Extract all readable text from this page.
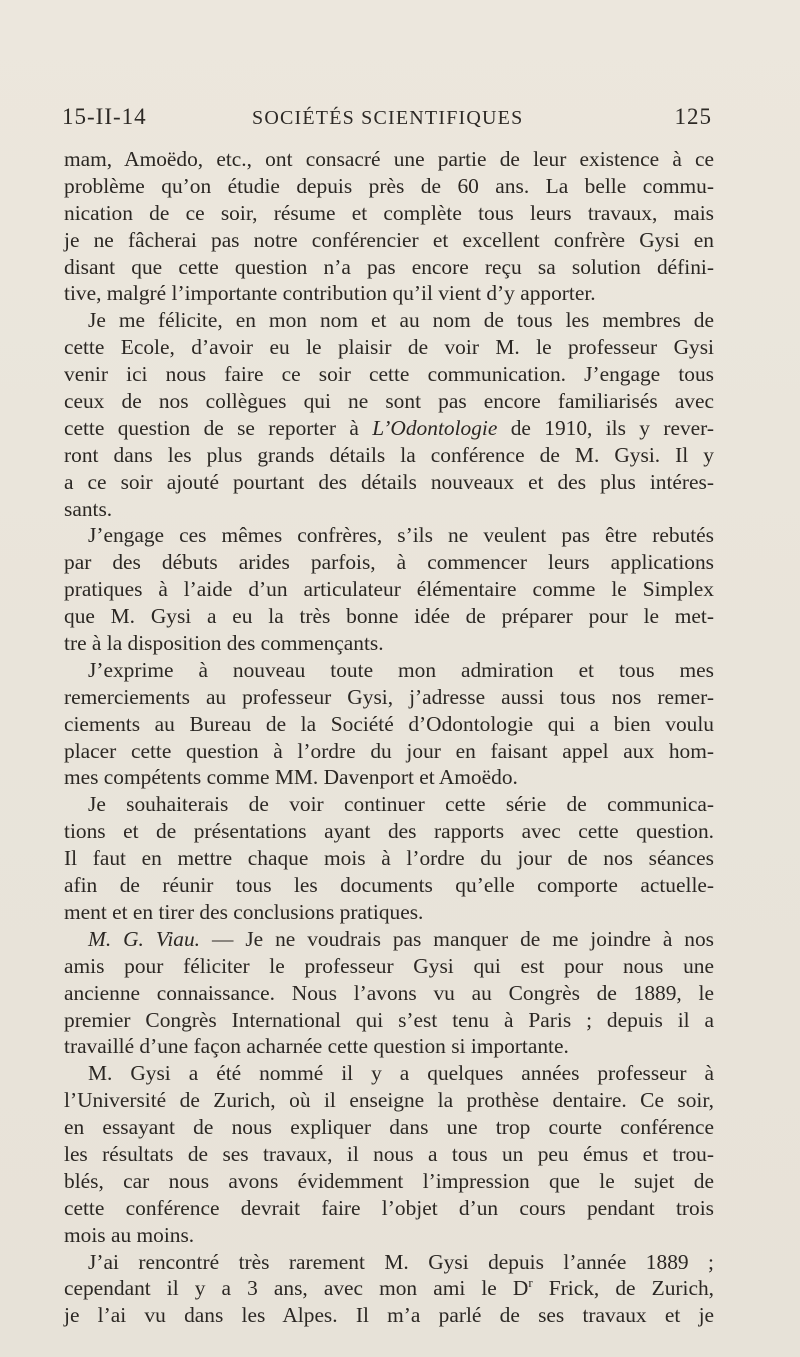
15-II-14	SOCIÉTÉS SCIENTIFIQUES	125
mam, Amoëdo, etc., ont consacré une partie de leur existence à ce
problème qu’on étudie depuis près de 60 ans. La belle commu-
nication de ce soir, résume et complète tous leurs travaux, mais
je ne fâcherai pas notre conférencier et excellent confrère Gysi en
disant que cette question n’a pas encore reçu sa solution défini-
tive, malgré l’importante contribution qu’il vient d’y apporter.
Je me félicite, en mon nom et au nom de tous les membres de
cette Ecole, d’avoir eu le plaisir de voir M. le professeur Gysi
venir ici nous faire ce soir cette communication. J’engage tous
ceux de nos collègues qui ne sont pas encore familiarisés avec
cette question de se reporter à L’Odontologie de 1910, ils y rever-
ront dans les plus grands détails la conférence de M. Gysi. Il y
a ce soir ajouté pourtant des détails nouveaux et des plus intéres-
sants.
J’engage ces mêmes confrères, s’ils ne veulent pas être rebutés
par des débuts arides parfois, à commencer leurs applications
pratiques à l’aide d’un articulateur élémentaire comme le Simplex
que M. Gysi a eu la très bonne idée de préparer pour le met-
tre à la disposition des commençants.
J’exprime à nouveau toute mon admiration et tous mes
remerciements au professeur Gysi, j’adresse aussi tous nos remer-
ciements au Bureau de la Société d’Odontologie qui a bien voulu
placer cette question à l’ordre du jour en faisant appel aux hom-
mes compétents comme MM. Davenport et Amoëdo.
Je souhaiterais de voir continuer cette série de communica-
tions et de présentations ayant des rapports avec cette question.
Il faut en mettre chaque mois à l’ordre du jour de nos séances
afin de réunir tous les documents qu’elle comporte actuelle-
ment et en tirer des conclusions pratiques.
M. G. Viau. — Je ne voudrais pas manquer de me joindre à nos
amis pour féliciter le professeur Gysi qui est pour nous une
ancienne connaissance. Nous l’avons vu au Congrès de 1889, le
premier Congrès International qui s’est tenu à Paris ; depuis il a
travaillé d’une façon acharnée cette question si importante.
M. Gysi a été nommé il y a quelques années professeur à
l’Université de Zurich, où il enseigne la prothèse dentaire. Ce soir,
en essayant de nous expliquer dans une trop courte conférence
les résultats de ses travaux, il nous a tous un peu émus et trou-
blés, car nous avons évidemment l’impression que le sujet de
cette conférence devrait faire l’objet d’un cours pendant trois
mois au moins.
J’ai rencontré très rarement M. Gysi depuis l’année 1889 ;
cependant il y a 3 ans, avec mon ami le $D^r$ Frick, de Zurich,
je l’ai vu dans les Alpes. Il m’a parlé de ses travaux et je
